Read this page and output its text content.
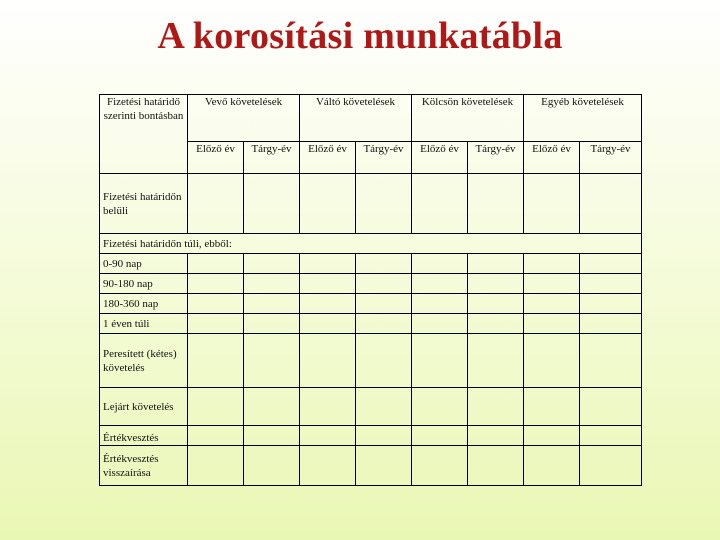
A korosítási munkatábla
Fizetési határidő szerinti bontásban	Vevő követelések		Váltó követelések		Kölcsön követelések		Egyéb követelések	
	Előző év	Tárgy-év	Előző év	Tárgy-év	Előző év	Tárgy-év	Előző év	Tárgy-év
Fizetési határidőn belüli								
Fizetési határidőn túli, ebből:								
0-90 nap								
90-180 nap								
180-360 nap								
1 éven túli								
Peresített (kétes) követelés								
Lejárt követelés								
Értékvesztés								
Értékvesztés visszaírása								
